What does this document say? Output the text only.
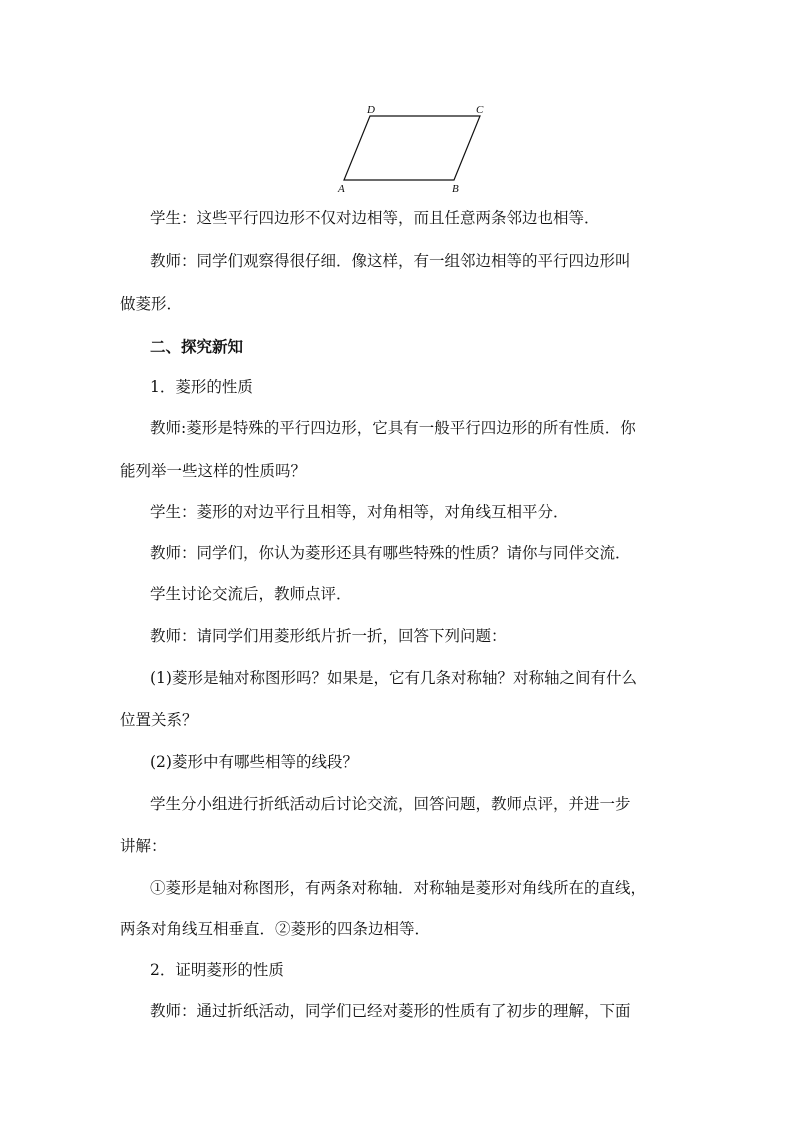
D	C
A	B
学生：这些平行四边形不仅对边相等，而且任意两条邻边也相等．
教师：同学们观察得很仔细．像这样，有一组邻边相等的平行四边形叫
做菱形．
二、探究新知
1．菱形的性质
教师:菱形是特殊的平行四边形，它具有一般平行四边形的所有性质．你
能列举一些这样的性质吗？
学生：菱形的对边平行且相等，对角相等，对角线互相平分．
教师：同学们，你认为菱形还具有哪些特殊的性质？请你与同伴交流．
学生讨论交流后，教师点评．
教师：请同学们用菱形纸片折一折，回答下列问题：
(1)菱形是轴对称图形吗？如果是，它有几条对称轴？对称轴之间有什么
位置关系？
(2)菱形中有哪些相等的线段？
学生分小组进行折纸活动后讨论交流，回答问题，教师点评，并进一步
讲解：
①菱形是轴对称图形，有两条对称轴．对称轴是菱形对角线所在的直线，
两条对角线互相垂直．②菱形的四条边相等．
2．证明菱形的性质
教师：通过折纸活动，同学们已经对菱形的性质有了初步的理解，下面
